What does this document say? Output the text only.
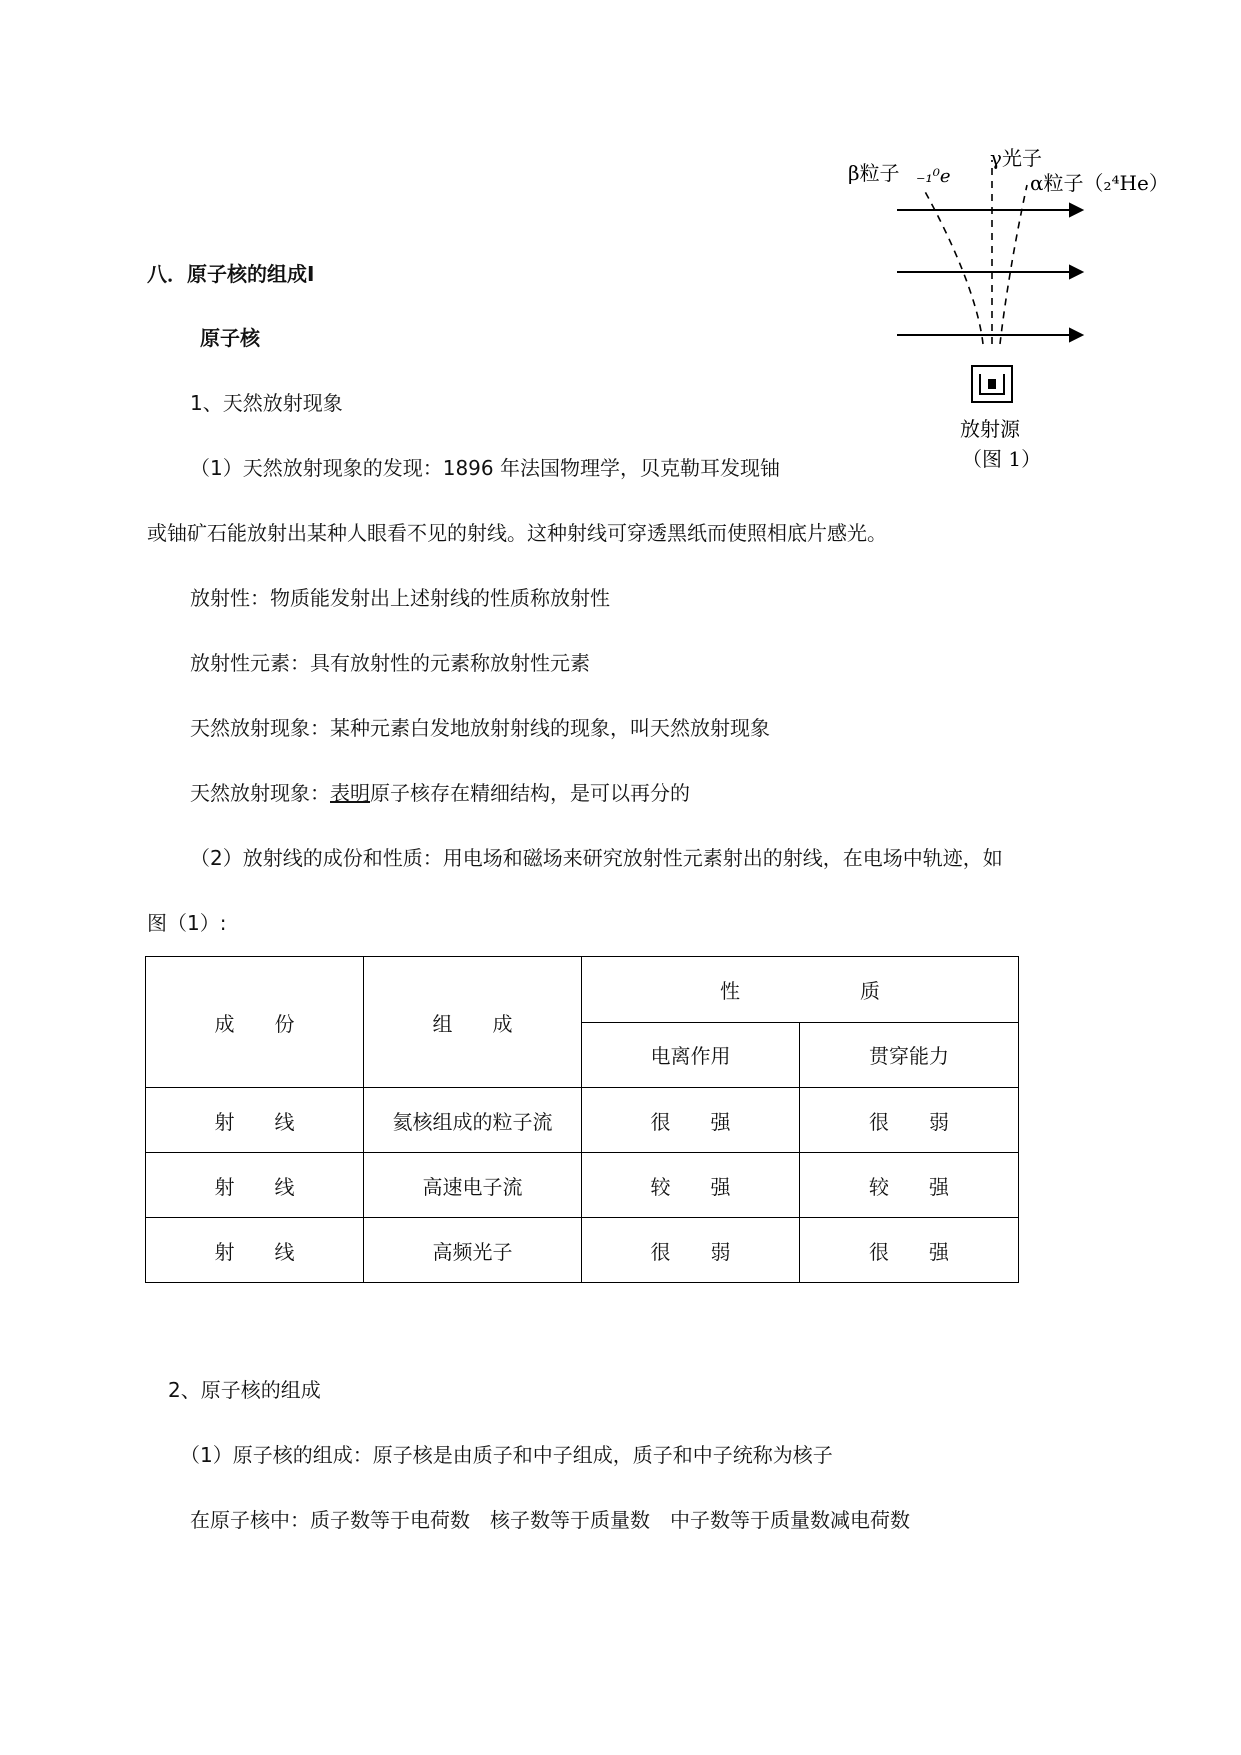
β粒子 ₋₁⁰e
γ光子
α粒子（₂⁴He）
放射源
（图 1）
八．原子核的组成Ⅰ
原子核
1、天然放射现象
（1）天然放射现象的发现：1896 年法国物理学，贝克勒耳发现铀
或铀矿石能放射出某种人眼看不见的射线。这种射线可穿透黑纸而使照相底片感光。
放射性：物质能发射出上述射线的性质称放射性
放射性元素：具有放射性的元素称放射性元素
天然放射现象：某种元素白发地放射射线的现象，叫天然放射现象
天然放射现象：表明原子核存在精细结构，是可以再分的
（2）放射线的成份和性质：用电场和磁场来研究放射性元素射出的射线，在电场中轨迹，如
图（1）:
成　　份	组　　成	性　　　　　　质	
		电离作用	贯穿能力
射　　线	氦核组成的粒子流	很　　强	很　　弱
射　　线	高速电子流	较　　强	较　　强
射　　线	高频光子	很　　弱	很　　强
2、原子核的组成
（1）原子核的组成：原子核是由质子和中子组成，质子和中子统称为核子
在原子核中：质子数等于电荷数　核子数等于质量数　中子数等于质量数减电荷数
